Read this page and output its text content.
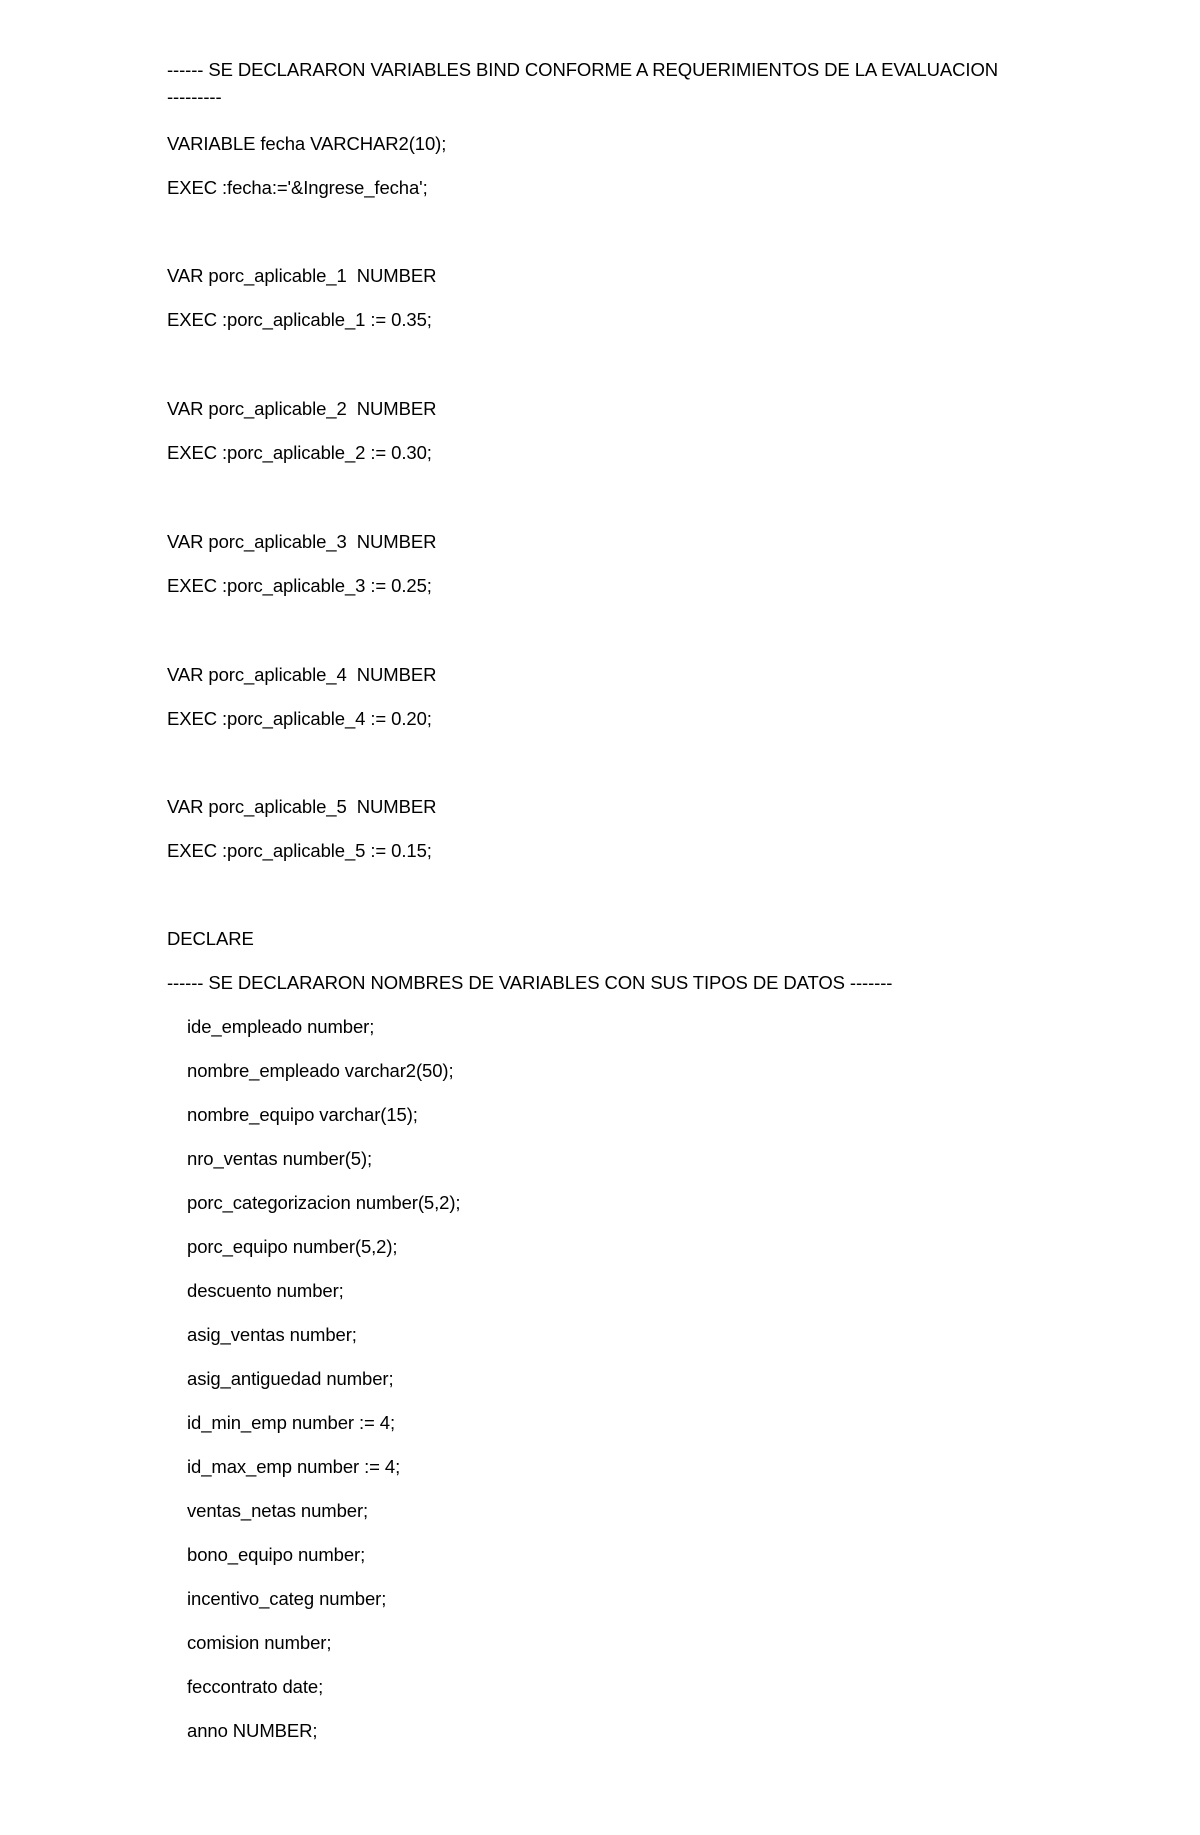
------ SE DECLARARON VARIABLES BIND CONFORME A REQUERIMIENTOS DE LA EVALUACION
---------
VARIABLE fecha VARCHAR2(10);
EXEC :fecha:='&Ingrese_fecha';
VAR porc_aplicable_1  NUMBER
EXEC :porc_aplicable_1 := 0.35;
VAR porc_aplicable_2  NUMBER
EXEC :porc_aplicable_2 := 0.30;
VAR porc_aplicable_3  NUMBER
EXEC :porc_aplicable_3 := 0.25;
VAR porc_aplicable_4  NUMBER
EXEC :porc_aplicable_4 := 0.20;
VAR porc_aplicable_5  NUMBER
EXEC :porc_aplicable_5 := 0.15;
DECLARE
------ SE DECLARARON NOMBRES DE VARIABLES CON SUS TIPOS DE DATOS -------
ide_empleado number;
nombre_empleado varchar2(50);
nombre_equipo varchar(15);
nro_ventas number(5);
porc_categorizacion number(5,2);
porc_equipo number(5,2);
descuento number;
asig_ventas number;
asig_antiguedad number;
id_min_emp number := 4;
id_max_emp number := 4;
ventas_netas number;
bono_equipo number;
incentivo_categ number;
comision number;
feccontrato date;
anno NUMBER;
